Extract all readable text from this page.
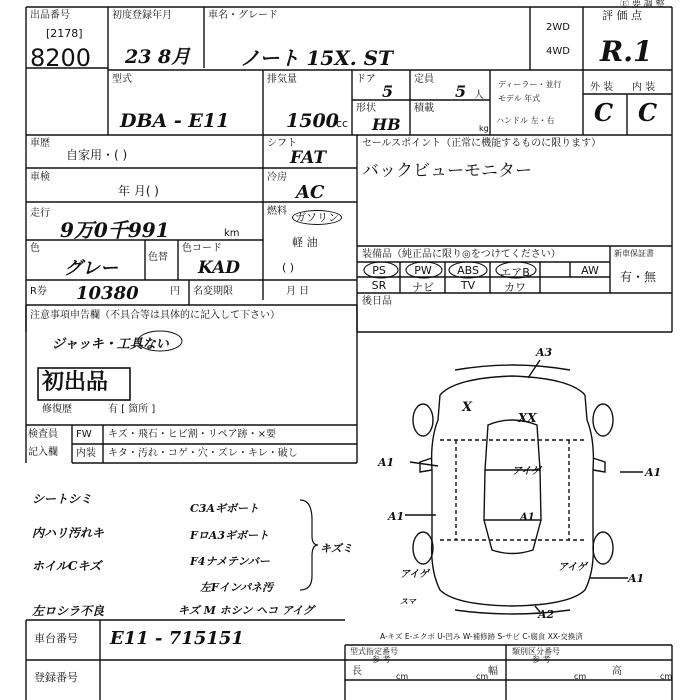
Ⓔ 要 調 整
出品番号
[2178]
8200
初度登録年月
23 8月
車名・グレード
ノート 15X. ST
2WD
4WD
評 価 点
R.1
外 装 内 装
C C
型式
DBA - E11
排気量
1500
cc
ドア
5
定員
5 人
ディーラー・並行
モデル 年式
形状
HB
積載
kg
ハンドル 左・右
車歴
自家用・( )
シフト
FAT
セールスポイント（正常に機能するものに限ります）
バックビューモニター
車検
年 月( )
冷房
AC
走行
9万0千991	km
燃料 ガソリン
軽 油
( )
色
グレー
色替
色コード
KAD
装備品（純正品に限り◎をつけてください）
PS	PW	ABS	エアB	AW
SR	ナビ	TV	カワ
新車保証書
有・無
後日品
R券 10380	円 名変期限	月 日
注意事項申告欄（不具合等は具体的に記入して下さい）
ジャッキ・工具ない
初出品
修復歴	有 [ 箇所 ]
検査員
記入欄
FW キズ・飛石・ヒビ割・リペア跡・×要
内装 キタ・汚れ・コゲ・穴・ズレ・キレ・破し
シートシミ
内ハリ汚れキ
ホイルCキズ
左ロシラ不良
C3Aギボート
FロA3ギボート
F4ナメテンバー
左Fインパネ汚
キズ M ホシン ヘコ アイグ
キズミ
A3
X
XX
A1
A1
A1
A1
A1
A2
アイゲ
アイゲ
アイゲ
スマ
A-キズ E-エクボ U-凹み W-補修跡 S-サビ C-腐食 XX-交換済
車台番号 E11 - 715151
登録番号
型式指定番号
参 考
類別区分番号
参 考
長	cm	幅
cm	高
cm	cm
